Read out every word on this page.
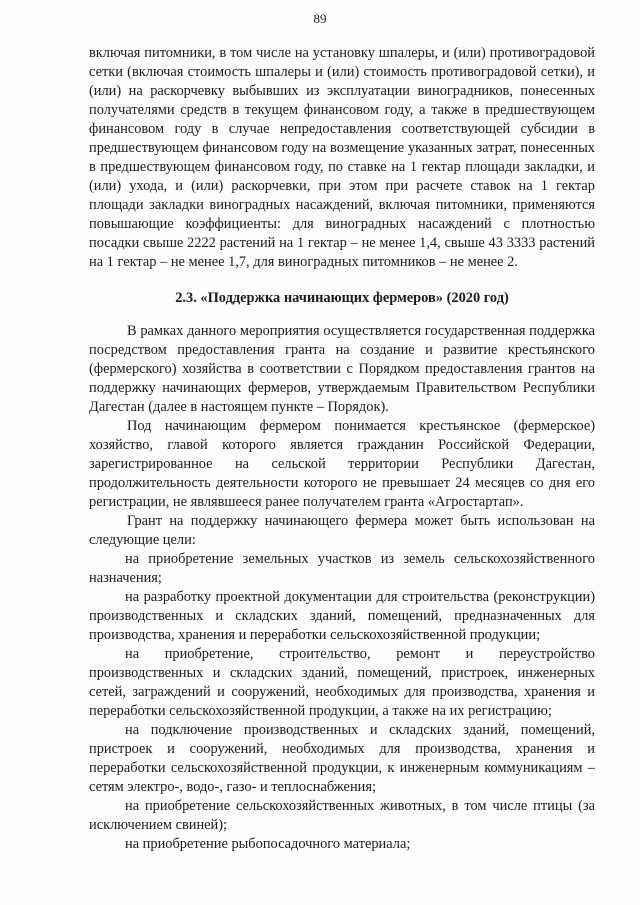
89

включая питомники, в том числе на установку шпалеры, и (или) противоградовой сетки (включая стоимость шпалеры и (или) стоимость противоградовой сетки), и (или) на раскорчевку выбывших из эксплуатации виноградников, понесенных получателями средств в текущем финансовом году, а также в предшествующем финансовом году в случае непредоставления соответствующей субсидии в предшествующем финансовом году на возмещение указанных затрат, понесенных в предшествующем финансовом году, по ставке на 1 гектар площади закладки, и (или) ухода, и (или) раскорчевки, при этом при расчете ставок на 1 гектар площади закладки виноградных насаждений, включая питомники, применяются повышающие коэффициенты: для виноградных насаждений с плотностью посадки свыше 2222 растений на 1 гектар – не менее 1,4, свыше 43 3333 растений на 1 гектар – не менее 1,7, для виноградных питомников – не менее 2.

2.3. «Поддержка начинающих фермеров» (2020 год)

В рамках данного мероприятия осуществляется государственная поддержка посредством предоставления гранта на создание и развитие крестьянского (фермерского) хозяйства в соответствии с Порядком предоставления грантов на поддержку начинающих фермеров, утверждаемым Правительством Республики Дагестан (далее в настоящем пункте – Порядок).

Под начинающим фермером понимается крестьянское (фермерское) хозяйство, главой которого является гражданин Российской Федерации, зарегистрированное на сельской территории Республики Дагестан, продолжительность деятельности которого не превышает 24 месяцев со дня его регистрации, не являвшееся ранее получателем гранта «Агростартап».

Грант на поддержку начинающего фермера может быть использован на следующие цели:

на приобретение земельных участков из земель сельскохозяйственного назначения;

на разработку проектной документации для строительства (реконструкции) производственных и складских зданий, помещений, предназначенных для производства, хранения и переработки сельскохозяйственной продукции;

на приобретение, строительство, ремонт и переустройство производственных и складских зданий, помещений, пристроек, инженерных сетей, заграждений и сооружений, необходимых для производства, хранения и переработки сельскохозяйственной продукции, а также на их регистрацию;

на подключение производственных и складских зданий, помещений, пристроек и сооружений, необходимых для производства, хранения и переработки сельскохозяйственной продукции, к инженерным коммуникациям – сетям электро-, водо-, газо- и теплоснабжения;

на приобретение сельскохозяйственных животных, в том числе птицы (за исключением свиней);

на приобретение рыбопосадочного материала;
